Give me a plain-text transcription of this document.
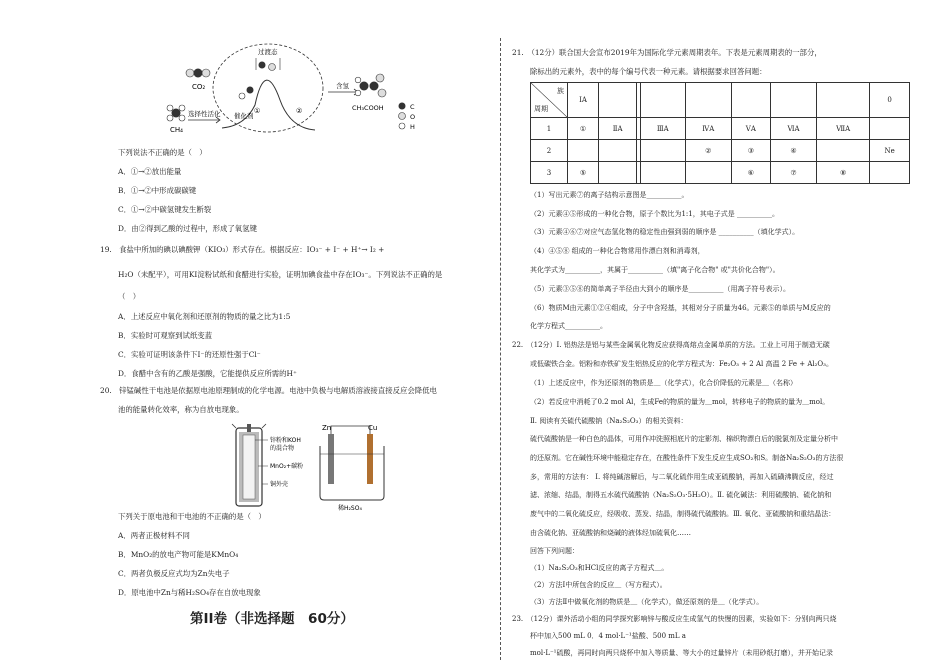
CO₂
CH₄
选择性活化
过渡态
催化剂
①	②
含氢
CH₃COOH	C
O
H
下列说法不正确的是（　）
A．①→②放出能量
B．①→②中形成碳碳键
C．①→②中碳氢键发生断裂
D．由②得到乙酸的过程中，形成了氧氢键
19.　食盐中所加的碘以碘酸钾（KIO₃）形式存在。根据反应：IO₃⁻ + I⁻ + H⁺→ I₂ +
H₂O（未配平），可用KI淀粉试纸和食醋进行实验，证明加碘食盐中存在IO₃⁻。下列说法不正确的是
（　）
A．上述反应中氧化剂和还原剂的物质的量之比为1:5
B．实验时可观察到试纸变蓝
C．实验可证明该条件下I⁻的还原性强于Cl⁻
D．食醋中含有的乙酸是强酸，它能提供反应所需的H⁺
20.　锌锰碱性干电池是依据原电池原理制成的化学电源。电池中负极与电解质溶液接直接反应会降低电
池的能量转化效率，称为自放电现象。
锌粉和KOH
的混合物
MnO₂+碳粉
铜外壳
Zn	Cu
稀H₂SO₄
下列关于原电池和干电池的不正确的是（　）
A．两者正极材料不同
B．MnO₂的放电产物可能是KMnO₄
C．两者负极反应式均为Zn失电子
D．原电池中Zn与稀H₂SO₄存在自放电现象
第II卷（非选择题　60分）
21.　（12分）联合国大会宣布2019年为国际化学元素周期表年。下表是元素周期表的一部分，
除标出的元素外，表中的每个编号代表一种元素。请根据要求回答问题：
族
周期	ⅠA								0
1	①	ⅡA		ⅢA	ⅣA	ⅤA	ⅥA	ⅦA	
2					②	③	④		Ne
3	⑤					⑥	⑦	⑧	
（1）写出元素⑦的离子结构示意图是__________。
（2）元素④⑤形成的一种化合物，原子个数比为1:1，其电子式是 __________。
（3）元素④⑥⑦对应气态氢化物的稳定性由强到弱的顺序是 __________（填化学式）。
（4）④⑤⑧ 组成的一种化合物常用作漂白剂和消毒剂，
其化学式为__________，其属于__________（填"离子化合物" 或"共价化合物"）。
（5）元素③⑤⑧的简单离子半径由大到小的顺序是__________（用离子符号表示）。
（6）物质M由元素①②④组成，分子中含羟基，其相对分子质量为46。元素⑤的单质与M反应的
化学方程式__________。
22.　（12分）Ⅰ. 铝热法是铝与某些金属氧化物反应获得高熔点金属单质的方法。工业上可用于制造无碳
或低碳铁合金。铝粉和赤铁矿发生铝热反应的化学方程式为：Fe₂O₃ + 2 Al 高温 2 Fe + Al₂O₃。
（1）上述反应中，作为还原剂的物质是＿（化学式），化合价降低的元素是＿（名称）
（2）若反应中消耗了0.2 mol Al，生成Fe的物质的量为＿mol，转移电子的物质的量为＿mol。
Ⅱ. 阅读有关硫代硫酸钠（Na₂S₂O₃）的相关资料：
硫代硫酸钠是一种白色的晶体，可用作冲洗照相底片的定影剂、棉织物漂白后的脱氯剂及定量分析中
的还原剂。它在碱性环境中能稳定存在，在酸性条件下发生反应生成SO₂和S。制备Na₂S₂O₃的方法很
多，常用的方法有： Ⅰ. 将纯碱溶解后，与二氧化硫作用生成亚硫酸钠，再加入硫磺沸腾反应，经过
滤、浓缩、结晶，制得五水硫代硫酸钠（Na₂S₂O₃·5H₂O）。Ⅱ. 硫化碱法：利用硫酸钠、硫化钠和
废气中的二氧化硫反应，经吸收、蒸发、结晶，制得硫代硫酸钠。Ⅲ. 氧化、亚硫酸钠和重结晶法：
由含硫化钠、亚硫酸钠和烧碱的液体经加硫氧化……
回答下列问题：
（1）Na₂S₂O₃和HCl反应的离子方程式＿。
（2）方法Ⅰ中所包含的反应＿（写方程式）。
（3）方法Ⅱ中做氧化剂的物质是＿（化学式），做还原剂的是＿（化学式）。
23.　（12分）课外活动小组的同学探究影响锌与酸反应生成氢气的快慢的因素，实验如下：分别向两只烧
杯中加入500 mL 0．4 mol·L⁻¹盐酸、500 mL a
mol·L⁻¹硫酸，再同时向两只烧杯中加入等质量、等大小的过量锌片（未用砂纸打磨），并开始记录
